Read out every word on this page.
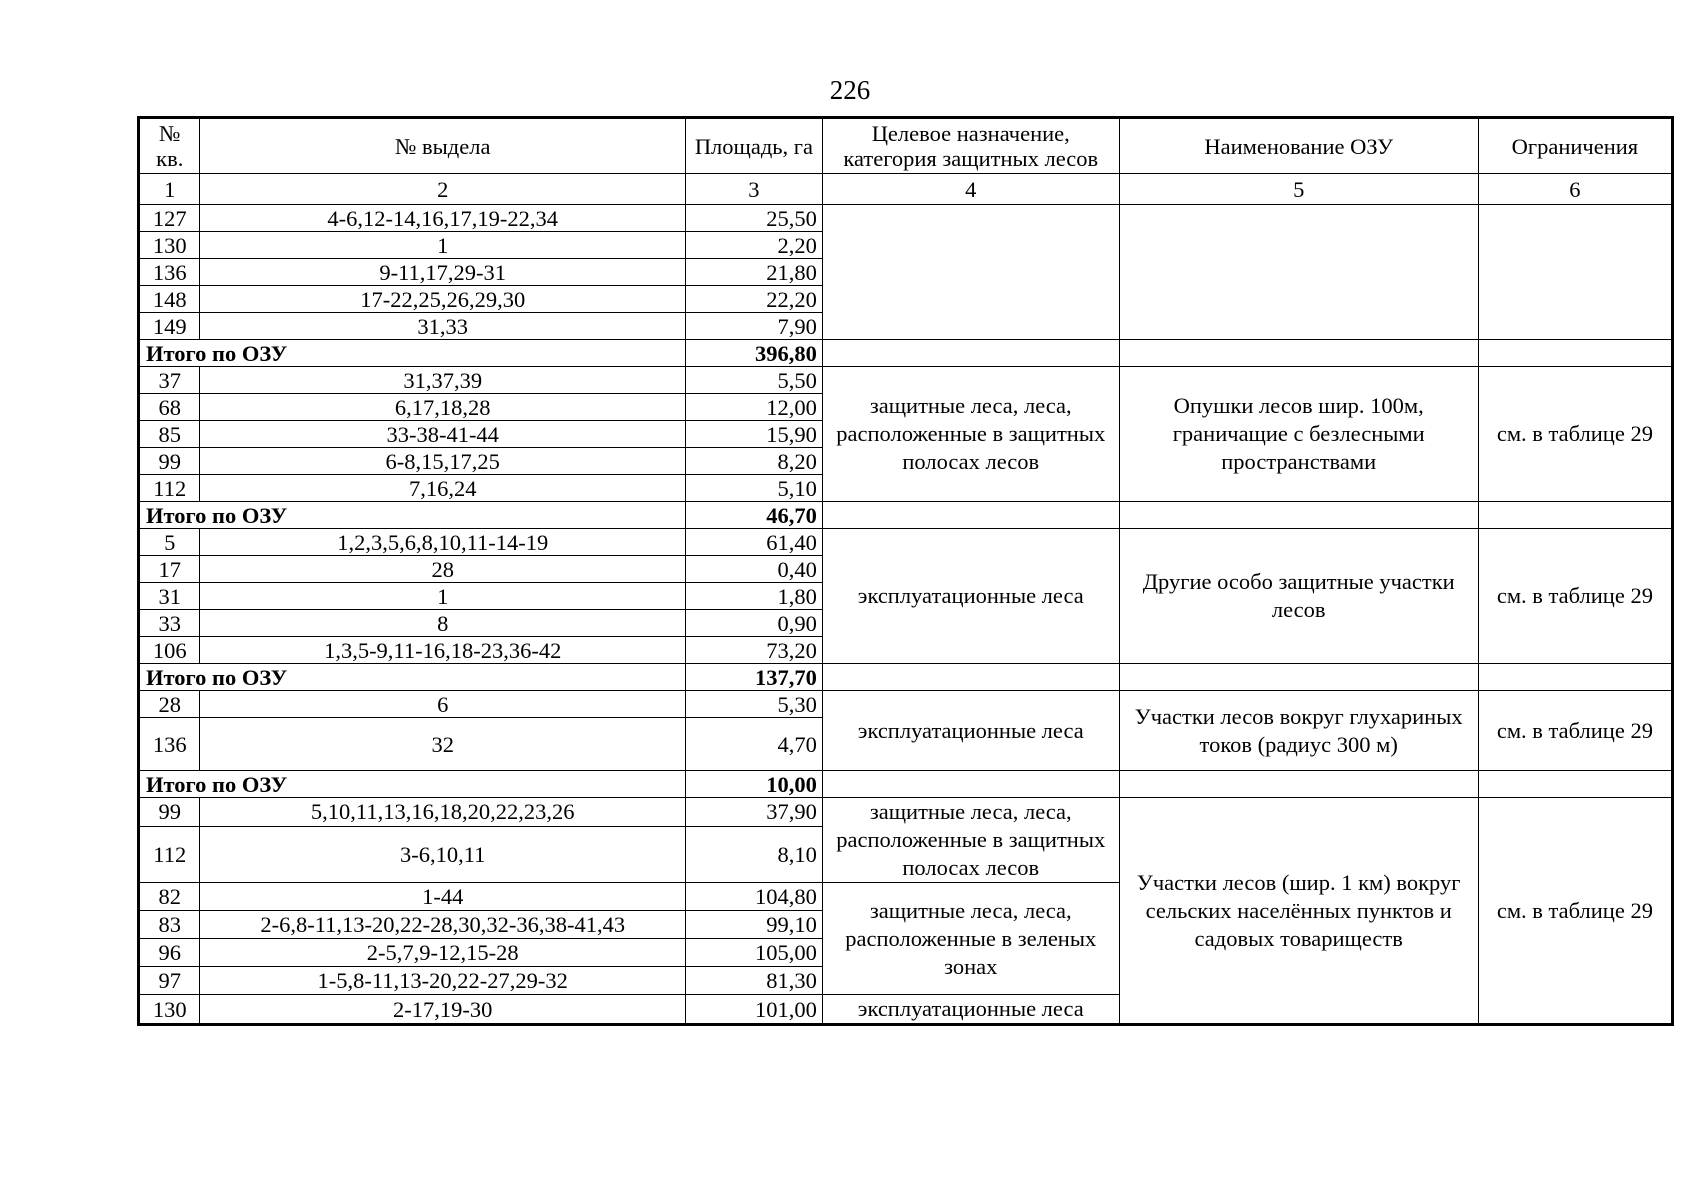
226
№ кв.	№ выдела	Площадь, га	Целевое назначение, категория защитных лесов	Наименование ОЗУ	Ограничения
1	2	3	4	5	6
127	4-6,12-14,16,17,19-22,34	25,50			
130	1	2,20			
136	9-11,17,29-31	21,80			
148	17-22,25,26,29,30	22,20			
149	31,33	7,90			
Итого по ОЗУ		396,80			
37	31,37,39	5,50	защитные леса, леса, расположенные в защитных полосах лесов	Опушки лесов шир. 100м, граничащие с безлесными пространствами	см. в таблице 29
68	6,17,18,28	12,00			
85	33-38-41-44	15,90			
99	6-8,15,17,25	8,20			
112	7,16,24	5,10			
Итого по ОЗУ		46,70			
5	1,2,3,5,6,8,10,11-14-19	61,40	эксплуатационные леса	Другие особо защитные участки лесов	см. в таблице 29
17	28	0,40			
31	1	1,80			
33	8	0,90			
106	1,3,5-9,11-16,18-23,36-42	73,20			
Итого по ОЗУ		137,70			
28	6	5,30	эксплуатационные леса	Участки лесов вокруг глухариных токов (радиус 300 м)	см. в таблице 29
136	32	4,70			
Итого по ОЗУ		10,00			
99	5,10,11,13,16,18,20,22,23,26	37,90	защитные леса, леса, расположенные в защитных полосах лесов	Участки лесов (шир. 1 км) вокруг сельских населённых пунктов и садовых товариществ	см. в таблице 29
112	3-6,10,11	8,10			
82	1-44	104,80	защитные леса, леса, расположенные в зеленых зонах		
83	2-6,8-11,13-20,22-28,30,32-36,38-41,43	99,10			
96	2-5,7,9-12,15-28	105,00			
97	1-5,8-11,13-20,22-27,29-32	81,30			
130	2-17,19-30	101,00	эксплуатационные леса		
